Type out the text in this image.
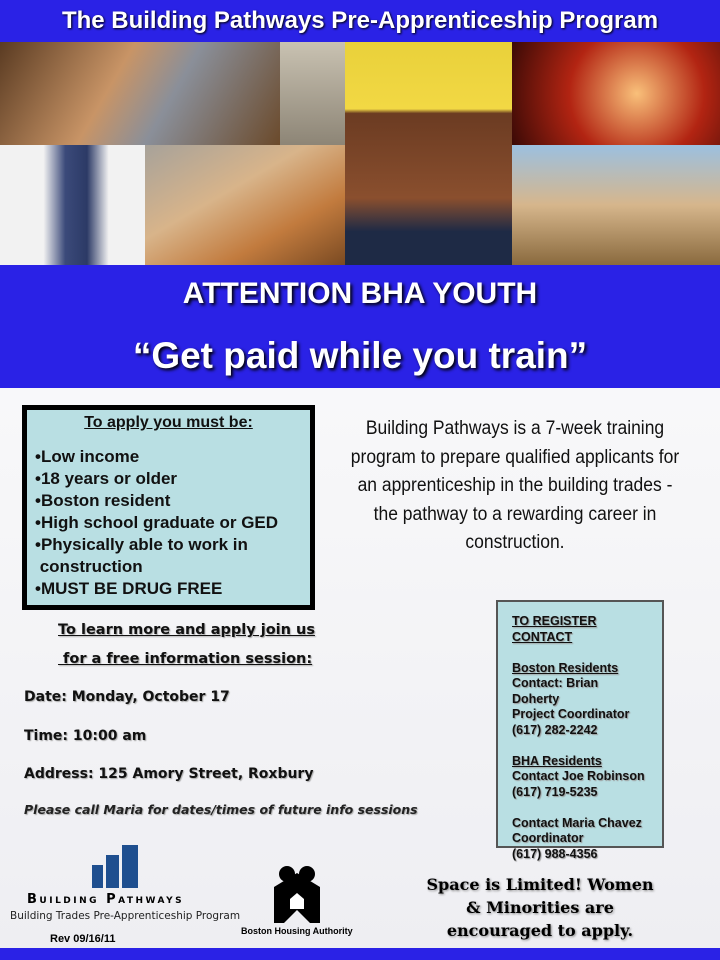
The Building Pathways Pre-Apprenticeship Program
ATTENTION BHA YOUTH
“Get paid while you train”
To apply you must be:
•Low income
•18 years or older
•Boston resident
•High school graduate or GED
•Physically able to work in
construction
•MUST BE DRUG FREE
Building Pathways is a 7-week training program to prepare qualified applicants for an apprenticeship in the building trades - the pathway to a rewarding career in construction.
To learn more and apply join us
for a free information session:
Date: Monday, October 17
Time: 10:00 am
Address: 125 Amory Street, Roxbury
Please call Maria for dates/times of future info sessions
TO REGISTER CONTACT

Boston Residents
Contact: Brian Doherty
Project Coordinator
(617) 282-2242

BHA Residents
Contact Joe Robinson
(617) 719-5235

Contact Maria Chavez
Coordinator
(617) 988-4356
Building Pathways
Building Trades Pre-Apprenticeship Program
Rev 09/16/11
Boston Housing Authority
Space is Limited! Women
& Minorities are
encouraged to apply.
